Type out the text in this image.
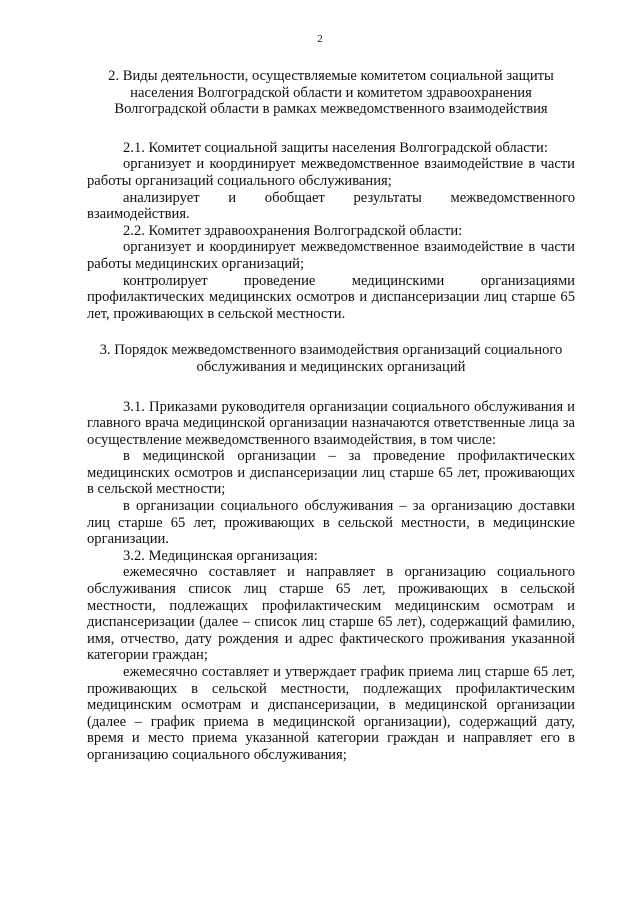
2

2. Виды деятельности, осуществляемые комитетом социальной защиты населения Волгоградской области и комитетом здравоохранения Волгоградской области в рамках межведомственного взаимодействия

2.1. Комитет социальной защиты населения Волгоградской области:

организует и координирует межведомственное взаимодействие в части работы организаций социального обслуживания;

анализирует и обобщает результаты межведомственного взаимодействия.

2.2. Комитет здравоохранения Волгоградской области:

организует и координирует межведомственное взаимодействие в части работы медицинских организаций;

контролирует проведение медицинскими организациями профилактических медицинских осмотров и диспансеризации лиц старше 65 лет, проживающих в сельской местности.

3. Порядок межведомственного взаимодействия организаций социального обслуживания и медицинских организаций

3.1. Приказами руководителя организации социального обслуживания и главного врача медицинской организации назначаются ответственные лица за осуществление межведомственного взаимодействия, в том числе:

в медицинской организации – за проведение профилактических медицинских осмотров и диспансеризации лиц старше 65 лет, проживающих в сельской местности;

в организации социального обслуживания – за организацию доставки лиц старше 65 лет, проживающих в сельской местности, в медицинские организации.

3.2. Медицинская организация:

ежемесячно составляет и направляет в организацию социального обслуживания список лиц старше 65 лет, проживающих в сельской местности, подлежащих профилактическим медицинским осмотрам и диспансеризации (далее – список лиц старше 65 лет), содержащий фамилию, имя, отчество, дату рождения и адрес фактического проживания указанной категории граждан;

ежемесячно составляет и утверждает график приема лиц старше 65 лет, проживающих в сельской местности, подлежащих профилактическим медицинским осмотрам и диспансеризации, в медицинской организации (далее – график приема в медицинской организации), содержащий дату, время и место приема указанной категории граждан и направляет его в организацию социального обслуживания;
